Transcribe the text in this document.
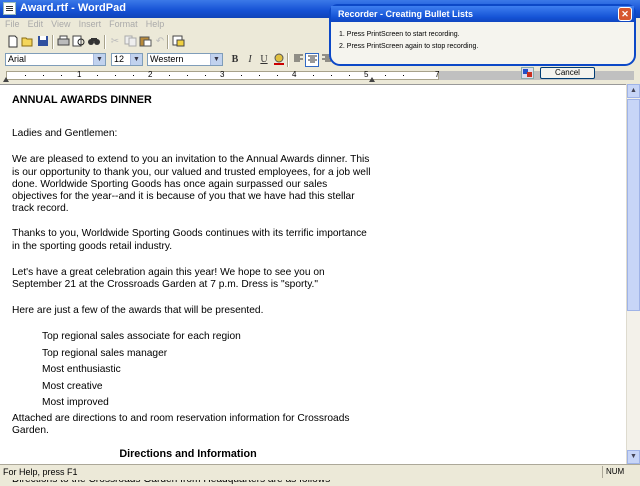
Award.rtf - WordPad
File Edit View Insert Format Help
✂	↶
Arial	▼	12	▼	Western	▼	B	I U
1	2	3	4	5	7

ANNUAL AWARDS DINNER

Ladies and Gentlemen:

We are pleased to extend to you an invitation to the Annual Awards dinner. This is our opportunity to thank you, our valued and trusted employees, for a job well done. Worldwide Sporting Goods has once again surpassed our sales objectives for the year--and it is because of you that we have had this stellar track record.

Thanks to you, Worldwide Sporting Goods continues with its terrific importance in the sporting goods retail industry.

Let's have a great celebration again this year! We hope to see you on September 21 at the Crossroads Garden at 7 p.m. Dress is "sporty."

Here are just a few of the awards that will be presented.

Top regional sales associate for each region

Top regional sales manager

Most enthusiastic

Most creative

Most improved

Attached are directions to and room reservation information for Crossroads Garden.

Directions and Information

▲
▼
For Help, press F1	NUM
Recorder - Creating Bullet Lists	✕
1. Press PrintScreen to start recording.
2. Press PrintScreen again to stop recording.
Cancel
